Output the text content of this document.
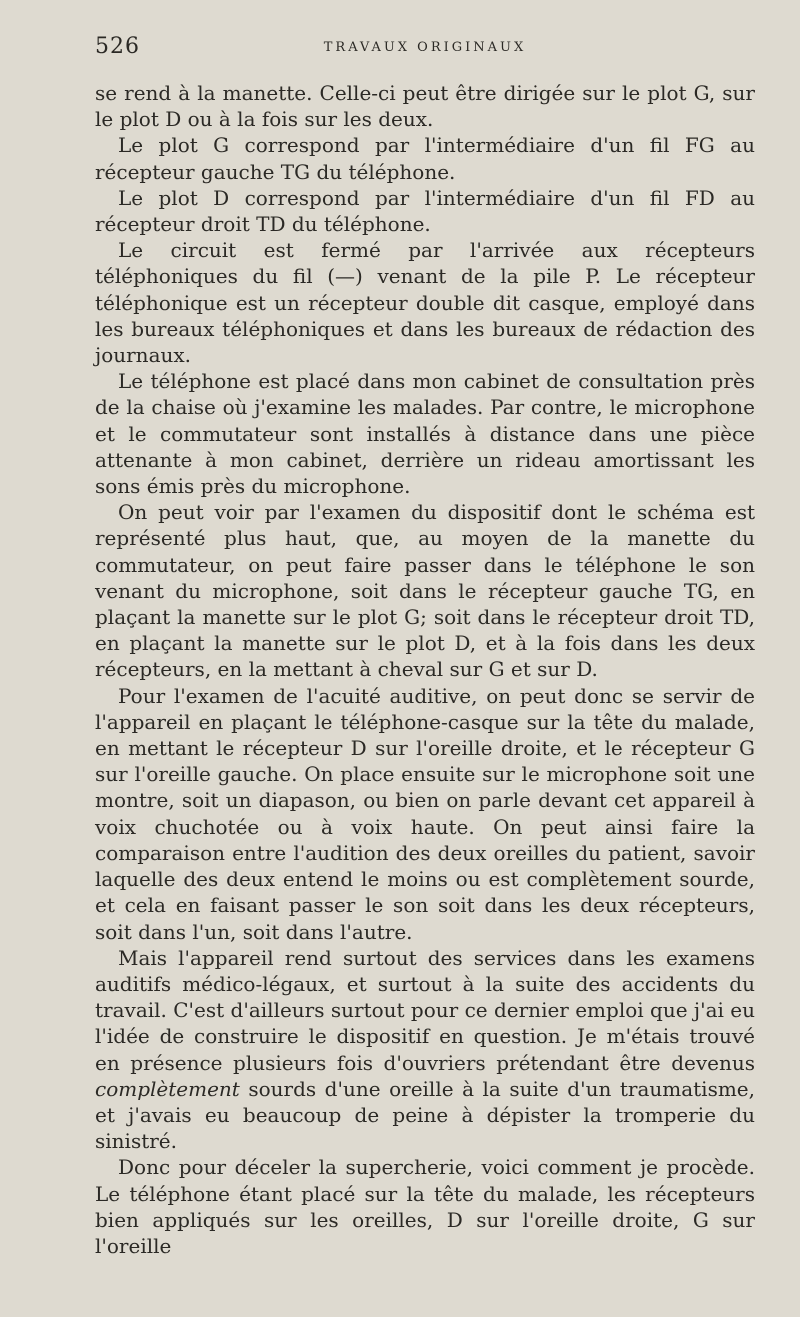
526	TRAVAUX ORIGINAUX

se rend à la manette. Celle-ci peut être dirigée sur le plot G, sur le plot D ou à la fois sur les deux.

Le plot G correspond par l'intermédiaire d'un fil FG au récepteur gauche TG du téléphone.

Le plot D correspond par l'intermédiaire d'un fil FD au récepteur droit TD du téléphone.

Le circuit est fermé par l'arrivée aux récepteurs téléphoniques du fil (—) venant de la pile P. Le récepteur téléphonique est un récepteur double dit casque, employé dans les bureaux téléphoniques et dans les bureaux de rédaction des journaux.

Le téléphone est placé dans mon cabinet de consultation près de la chaise où j'examine les malades. Par contre, le microphone et le commutateur sont installés à distance dans une pièce attenante à mon cabinet, derrière un rideau amortissant les sons émis près du microphone.

On peut voir par l'examen du dispositif dont le schéma est représenté plus haut, que, au moyen de la manette du commutateur, on peut faire passer dans le téléphone le son venant du microphone, soit dans le récepteur gauche TG, en plaçant la manette sur le plot G; soit dans le récepteur droit TD, en plaçant la manette sur le plot D, et à la fois dans les deux récepteurs, en la mettant à cheval sur G et sur D.

Pour l'examen de l'acuité auditive, on peut donc se servir de l'appareil en plaçant le téléphone-casque sur la tête du malade, en mettant le récepteur D sur l'oreille droite, et le récepteur G sur l'oreille gauche. On place ensuite sur le microphone soit une montre, soit un diapason, ou bien on parle devant cet appareil à voix chuchotée ou à voix haute. On peut ainsi faire la comparaison entre l'audition des deux oreilles du patient, savoir laquelle des deux entend le moins ou est complètement sourde, et cela en faisant passer le son soit dans les deux récepteurs, soit dans l'un, soit dans l'autre.

Mais l'appareil rend surtout des services dans les examens auditifs médico-légaux, et surtout à la suite des accidents du travail. C'est d'ailleurs surtout pour ce dernier emploi que j'ai eu l'idée de construire le dispositif en question. Je m'étais trouvé en présence plusieurs fois d'ouvriers prétendant être devenus complètement sourds d'une oreille à la suite d'un traumatisme, et j'avais eu beaucoup de peine à dépister la tromperie du sinistré.

Donc pour déceler la supercherie, voici comment je procède. Le téléphone étant placé sur la tête du malade, les récepteurs bien appliqués sur les oreilles, D sur l'oreille droite, G sur l'oreille
